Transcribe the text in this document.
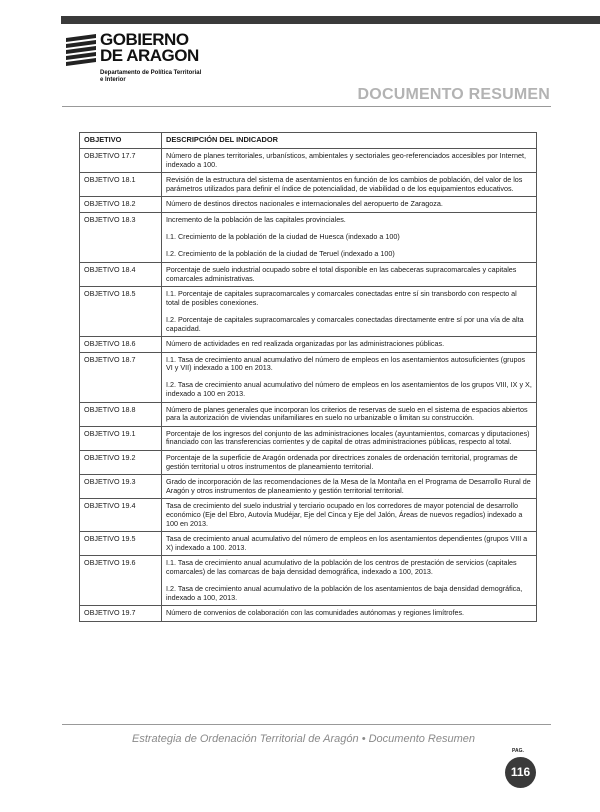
GOBIERNO
DE ARAGON
Departamento de Política Territorial
e Interior
DOCUMENTO RESUMEN
OBJETIVO	DESCRIPCIÓN DEL INDICADOR
OBJETIVO 17.7	Número de planes territoriales, urbanísticos, ambientales y sectoriales geo-referenciados accesibles por Internet, indexado a 100.

OBJETIVO 18.1	Revisión de la estructura del sistema de asentamientos en función de los cambios de población, del valor de los parámetros utilizados para definir el índice de potencialidad, de viabilidad o de los equipamientos educativos.

OBJETIVO 18.2	Número de destinos directos nacionales e internacionales del aeropuerto de Zaragoza.

OBJETIVO 18.3	Incremento de la población de las capitales provinciales.

I.1. Crecimiento de la población de la ciudad de Huesca (indexado a 100)

I.2. Crecimiento de la población de la ciudad de Teruel (indexado a 100)

OBJETIVO 18.4	Porcentaje de suelo industrial ocupado sobre el total disponible en las cabeceras supracomarcales y capitales comarcales administrativas.

OBJETIVO 18.5	I.1. Porcentaje de capitales supracomarcales y comarcales conectadas entre sí sin transbordo con respecto al total de posibles conexiones.

I.2. Porcentaje de capitales supracomarcales y comarcales conectadas directamente entre sí por una vía de alta capacidad.

OBJETIVO 18.6	Número de actividades en red realizada organizadas por las administraciones públicas.

OBJETIVO 18.7	I.1. Tasa de crecimiento anual acumulativo del número de empleos en los asentamientos autosuficientes (grupos VI y VII) indexado a 100 en 2013.

I.2. Tasa de crecimiento anual acumulativo del número de empleos en los asentamientos de los grupos VIII, IX y X, indexado a 100 en 2013.

OBJETIVO 18.8	Número de planes generales que incorporan los criterios de reservas de suelo en el sistema de espacios abiertos para la autorización de viviendas unifamiliares en suelo no urbanizable o limitan su construcción.

OBJETIVO 19.1	Porcentaje de los ingresos del conjunto de las administraciones locales (ayuntamientos, comarcas y diputaciones) financiado con las transferencias corrientes y de capital de otras administraciones públicas, respecto al total.

OBJETIVO 19.2	Porcentaje de la superficie de Aragón ordenada por directrices zonales de ordenación territorial, programas de gestión territorial u otros instrumentos de planeamiento territorial.

OBJETIVO 19.3	Grado de incorporación de las recomendaciones de la Mesa de la Montaña en el Programa de Desarrollo Rural de Aragón y otros instrumentos de planeamiento y gestión territorial territorial.

OBJETIVO 19.4	Tasa de crecimiento del suelo industrial y terciario ocupado en los corredores de mayor potencial de desarrollo económico (Eje del Ebro, Autovía Mudéjar, Eje del Cinca y Eje del Jalón, Áreas de nuevos regadíos) indexado a 100 en 2013.

OBJETIVO 19.5	Tasa de crecimiento anual acumulativo del número de empleos en los asentamientos dependientes (grupos VIII a X) indexado a 100. 2013.

OBJETIVO 19.6	I.1. Tasa de crecimiento anual acumulativo de la población de los centros de prestación de servicios (capitales comarcales) de las comarcas de baja densidad demográfica, indexado a 100, 2013.

I.2. Tasa de crecimiento anual acumulativo de la población de los asentamientos de baja densidad demográfica, indexado a 100, 2013.

OBJETIVO 19.7	Número de convenios de colaboración con las comunidades autónomas y regiones limítrofes.

Estrategia de Ordenación Territorial de Aragón • Documento Resumen
PAG.
116
